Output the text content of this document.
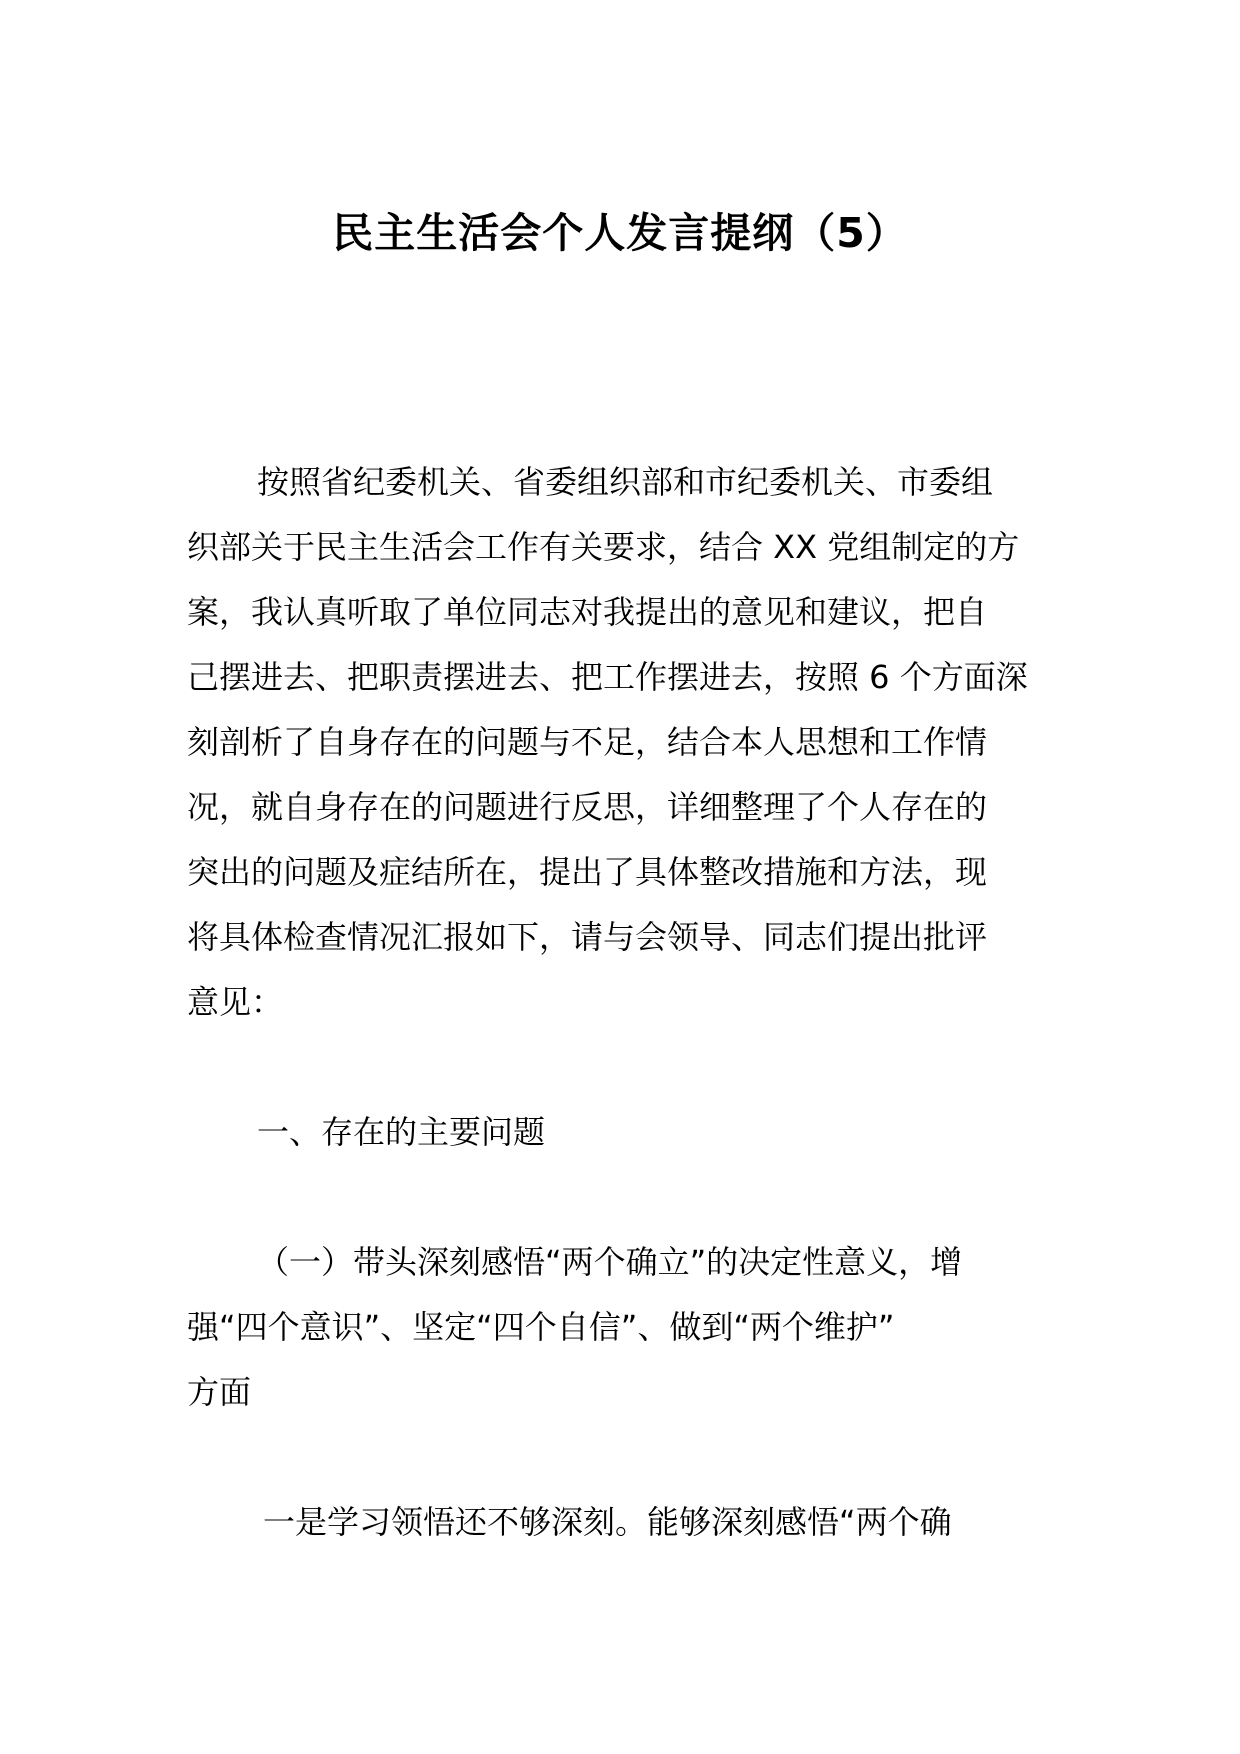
民主生活会个人发言提纲（5）
按照省纪委机关、省委组织部和市纪委机关、市委组
织部关于民主生活会工作有关要求，结合 XX 党组制定的方
案，我认真听取了单位同志对我提出的意见和建议，把自
己摆进去、把职责摆进去、把工作摆进去，按照 6 个方面深
刻剖析了自身存在的问题与不足，结合本人思想和工作情
况，就自身存在的问题进行反思，详细整理了个人存在的
突出的问题及症结所在，提出了具体整改措施和方法，现
将具体检查情况汇报如下，请与会领导、同志们提出批评
意见：
一、存在的主要问题
（一）带头深刻感悟“两个确立”的决定性意义，增
强“四个意识”、坚定“四个自信”、做到“两个维护”
方面
一是学习领悟还不够深刻。能够深刻感悟“两个确
